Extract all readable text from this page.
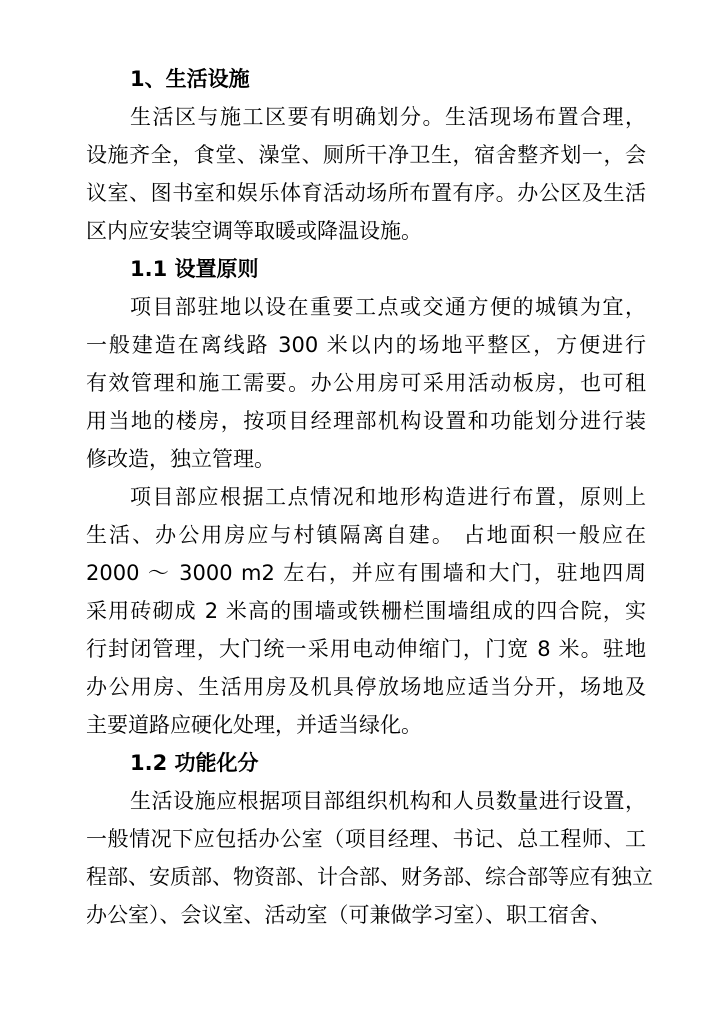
1、生活设施
生活区与施工区要有明确划分。生活现场布置合理，
设施齐全，食堂、澡堂、厕所干净卫生，宿舍整齐划一，会
议室、图书室和娱乐体育活动场所布置有序。办公区及生活
区内应安装空调等取暖或降温设施。
1.1 设置原则
项目部驻地以设在重要工点或交通方便的城镇为宜，
一般建造在离线路 300 米以内的场地平整区，方便进行
有效管理和施工需要。办公用房可采用活动板房，也可租
用当地的楼房，按项目经理部机构设置和功能划分进行装
修改造，独立管理。
项目部应根据工点情况和地形构造进行布置，原则上
生活、办公用房应与村镇隔离自建。 占地面积一般应在
2000 ～ 3000 m2 左右，并应有围墙和大门，驻地四周
采用砖砌成 2 米高的围墙或铁栅栏围墙组成的四合院，实
行封闭管理，大门统一采用电动伸缩门，门宽 8 米。驻地
办公用房、生活用房及机具停放场地应适当分开，场地及
主要道路应硬化处理，并适当绿化。
1.2 功能化分
生活设施应根据项目部组织机构和人员数量进行设置，
一般情况下应包括办公室（项目经理、书记、总工程师、工
程部、安质部、物资部、计合部、财务部、综合部等应有独立
办公室）、会议室、活动室（可兼做学习室）、职工宿舍、
